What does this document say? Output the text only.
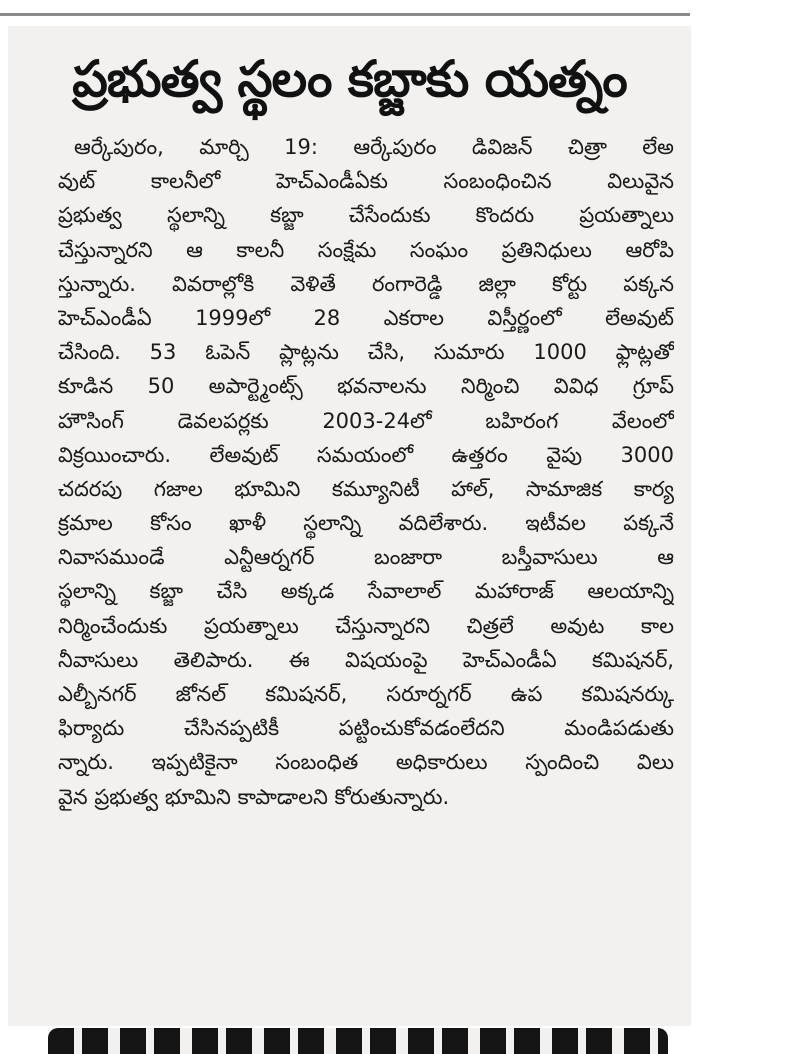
ప్రభుత్వ స్థలం కబ్జాకు యత్నం
ఆర్కేపురం, మార్చి 19: ఆర్కేపురం డివిజన్ చిత్రా లేఅ
వుట్ కాలనీలో హెచ్ఎండీఏకు సంబంధించిన విలువైన
ప్రభుత్వ స్థలాన్ని కబ్జా చేసేందుకు కొందరు ప్రయత్నాలు
చేస్తున్నారని ఆ కాలనీ సంక్షేమ సంఘం ప్రతినిధులు ఆరోపి
స్తున్నారు. వివరాల్లోకి వెళితే రంగారెడ్డి జిల్లా కోర్టు పక్కన
హెచ్ఎండీఏ 1999లో 28 ఎకరాల విస్తీర్ణంలో లేఅవుట్
చేసింది. 53 ఓపెన్ ప్లాట్లను చేసి, సుమారు 1000 ఫ్లాట్లతో
కూడిన 50 అపార్ట్మెంట్స్ భవనాలను నిర్మించి వివిధ గ్రూప్
హౌసింగ్ డెవలపర్లకు 2003-24లో బహిరంగ వేలంలో
విక్రయించారు. లేఅవుట్ సమయంలో ఉత్తరం వైపు 3000
చదరపు గజాల భూమిని కమ్యూనిటీ హాల్, సామాజిక కార్య
క్రమాల కోసం ఖాళీ స్థలాన్ని వదిలేశారు. ఇటీవల పక్కనే
నివాసముండే ఎన్టీఆర్నగర్ బంజారా బస్తీవాసులు ఆ
స్థలాన్ని కబ్జా చేసి అక్కడ సేవాలాల్ మహారాజ్ ఆలయాన్ని
నిర్మించేందుకు ప్రయత్నాలు చేస్తున్నారని చిత్రలే అవుట కాల
నీవాసులు తెలిపారు. ఈ విషయంపై హెచ్ఎండీఏ కమిషనర్,
ఎల్బీనగర్ జోనల్ కమిషనర్, సరూర్నగర్ ఉప కమిషనర్కు
ఫిర్యాదు చేసినప్పటికీ పట్టించుకోవడంలేదని మండిపడుతు
న్నారు. ఇప్పటికైనా సంబంధిత అధికారులు స్పందించి విలు
వైన ప్రభుత్వ భూమిని కాపాడాలని కోరుతున్నారు.
